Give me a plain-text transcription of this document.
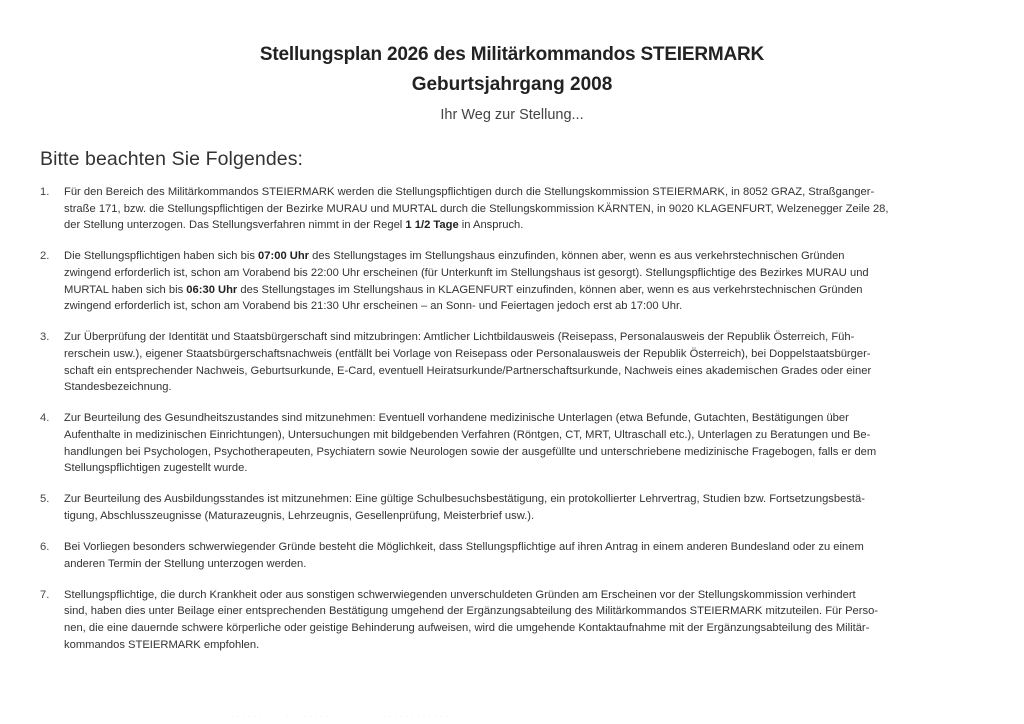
Stellungsplan 2026 des Militärkommandos STEIERMARK
Geburtsjahrgang 2008
Ihr Weg zur Stellung...
Bitte beachten Sie Folgendes:
1. Für den Bereich des Militärkommandos STEIERMARK werden die Stellungspflichtigen durch die Stellungskommission STEIERMARK, in 8052 GRAZ, Straßganger-
straße 171, bzw. die Stellungspflichtigen der Bezirke MURAU und MURTAL durch die Stellungskommission KÄRNTEN, in 9020 KLAGENFURT, Welzenegger Zeile 28,
der Stellung unterzogen. Das Stellungsverfahren nimmt in der Regel 1 1/2 Tage in Anspruch.
2. Die Stellungspflichtigen haben sich bis 07:00 Uhr des Stellungstages im Stellungshaus einzufinden, können aber, wenn es aus verkehrstechnischen Gründen
zwingend erforderlich ist, schon am Vorabend bis 22:00 Uhr erscheinen (für Unterkunft im Stellungshaus ist gesorgt). Stellungspflichtige des Bezirkes MURAU und
MURTAL haben sich bis 06:30 Uhr des Stellungstages im Stellungshaus in KLAGENFURT einzufinden, können aber, wenn es aus verkehrstechnischen Gründen
zwingend erforderlich ist, schon am Vorabend bis 21:30 Uhr erscheinen – an Sonn- und Feiertagen jedoch erst ab 17:00 Uhr.
3. Zur Überprüfung der Identität und Staatsbürgerschaft sind mitzubringen: Amtlicher Lichtbildausweis (Reisepass, Personalausweis der Republik Österreich, Füh-
rerschein usw.), eigener Staatsbürgerschaftsnachweis (entfällt bei Vorlage von Reisepass oder Personalausweis der Republik Österreich), bei Doppelstaatsbürger-
schaft ein entsprechender Nachweis, Geburtsurkunde, E-Card, eventuell Heiratsurkunde/Partnerschaftsurkunde, Nachweis eines akademischen Grades oder einer
Standesbezeichnung.
4. Zur Beurteilung des Gesundheitszustandes sind mitzunehmen: Eventuell vorhandene medizinische Unterlagen (etwa Befunde, Gutachten, Bestätigungen über
Aufenthalte in medizinischen Einrichtungen), Untersuchungen mit bildgebenden Verfahren (Röntgen, CT, MRT, Ultraschall etc.), Unterlagen zu Beratungen und Be-
handlungen bei Psychologen, Psychotherapeuten, Psychiatern sowie Neurologen sowie der ausgefüllte und unterschriebene medizinische Fragebogen, falls er dem
Stellungspflichtigen zugestellt wurde.
5. Zur Beurteilung des Ausbildungsstandes ist mitzunehmen: Eine gültige Schulbesuchsbestätigung, ein protokollierter Lehrvertrag, Studien bzw. Fortsetzungsbestä-
tigung, Abschlusszeugnisse (Maturazeugnis, Lehrzeugnis, Gesellenprüfung, Meisterbrief usw.).
6. Bei Vorliegen besonders schwerwiegender Gründe besteht die Möglichkeit, dass Stellungspflichtige auf ihren Antrag in einem anderen Bundesland oder zu einem
anderen Termin der Stellung unterzogen werden.
7. Stellungspflichtige, die durch Krankheit oder aus sonstigen schwerwiegenden unverschuldeten Gründen am Erscheinen vor der Stellungskommission verhindert
sind, haben dies unter Beilage einer entsprechenden Bestätigung umgehend der Ergänzungsabteilung des Militärkommandos STEIERMARK mitzuteilen. Für Perso-
nen, die eine dauernde schwere körperliche oder geistige Behinderung aufweisen, wird die umgehende Kontaktaufnahme mit der Ergänzungsabteilung des Militär-
kommandos STEIERMARK empfohlen.
· · · · · · · ·         · · · · · · · · · ·                · · · · · · · · · · · ·
